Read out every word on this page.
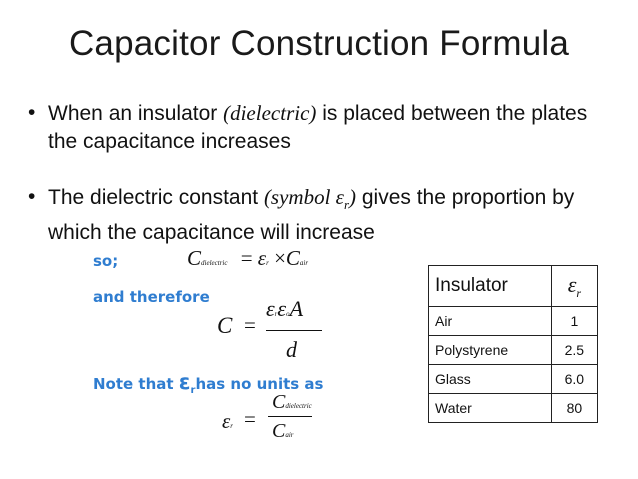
Capacitor Construction Formula
• When an insulator (dielectric) is placed between the plates the capacitance increases
• The dielectric constant (symbol $\varepsilon_r$) gives the proportion by which the capacitance will increase
so;
and therefore
Note that $\varepsilon_rhas$ no units as
Cdielectric = εr ×Cair
C =
εrεoA
d
εr =
Cdielectric
Cair
Insulator	$\varepsilon_r$
Air	1
Polystyrene	2.5
Glass	6.0
Water	80
